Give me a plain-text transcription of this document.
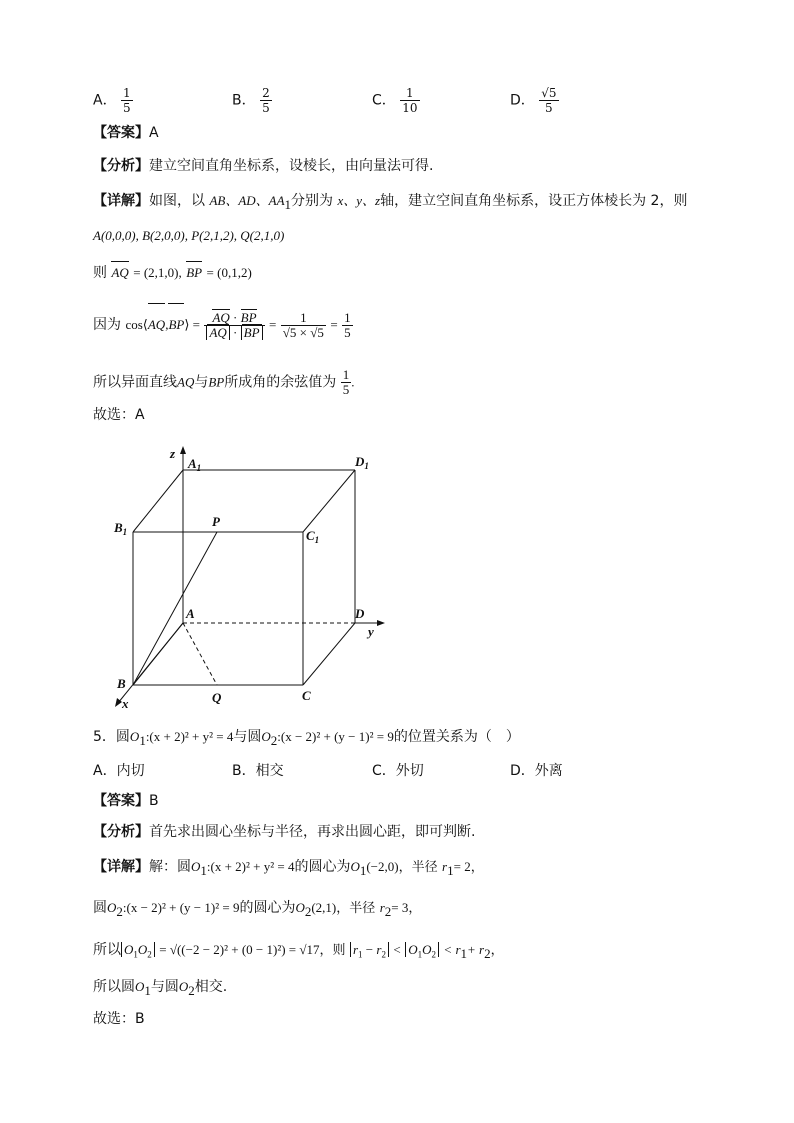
A． $\frac{1}{5}$	B． $\frac{2}{5}$	C． $\frac{1}{10}$	D． $\frac{√5}{5}$
【答案】A
【分析】建立空间直角坐标系，设棱长，由向量法可得.
【详解】如图，以 AB、AD、$AA_1$分别为 x、y、z轴，建立空间直角坐标系，设正方体棱长为 2，则
A(0,0,0), B(2,0,0), P(2,1,2), Q(2,1,0)
则 AQ = (2,1,0), BP = (0,1,2)
因为 cos⟨AQ,BP⟩ = $\frac{AQ \cdot BP}{AQ \cdot BP} = \frac{1}{√5 \times √5} = \frac{1}{5}$
所以异面直线AQ与BP所成角的余弦值为 $\frac{1}{5}$ .
故选：A
z
$A_1$	$D_1$
$B_1$
P
$C_1$
A	D
y
B
x	Q	C
5．圆$O_1:(x + 2)^2 + y^2 = 4$与圆$O_2:(x - 2)^2 + (y - 1)^2 = 9$的位置关系为（　）
A．内切	B．相交	C．外切	D．外离
【答案】B
【分析】首先求出圆心坐标与半径，再求出圆心距，即可判断.
【详解】解：圆$O_1:(x + 2)^2 + y^2 = 4$的圆心为$O_1(-2,0)$，半径 $r_1= 2$，
圆$O_2:(x - 2)^2 + (y - 1)^2 = 9$的圆心为$O_2(2,1)$，半径 $r_2= 3$，
所以 $O_1O_2 = √((-2 - 2)^2 + (0 - 1)^2) = √17$，则 $r_1 - r_2 < O_1O_2 < r_1+ r_2$，
所以圆$O_1$与圆$O_2$相交.
故选：B
